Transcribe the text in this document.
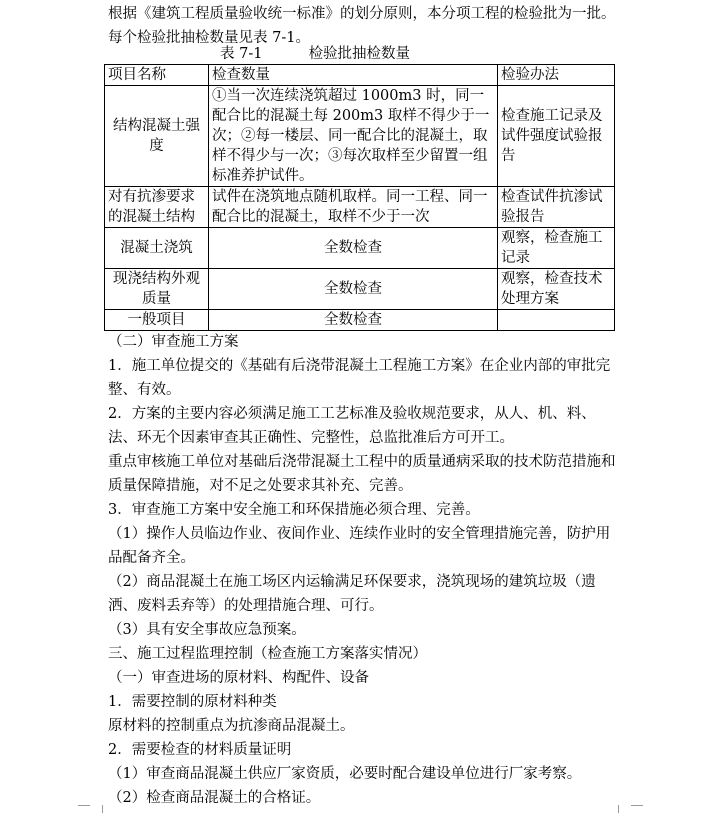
根据《建筑工程质量验收统一标准》的划分原则，本分项工程的检验批为一批。
每个检验批抽检数量见表 7-1。

表 7-1	检验批抽检数量
项目名称	检查数量	检验办法
结构混凝土强度	①当一次连续浇筑超过 1000m3 时，同一配合比的混凝土每 200m3 取样不得少于一次；②每一楼层、同一配合比的混凝土，取样不得少与一次；③每次取样至少留置一组标准养护试件。	检查施工记录及试件强度试验报告
对有抗渗要求的混凝土结构	试件在浇筑地点随机取样。同一工程、同一配合比的混凝土，取样不少于一次	检查试件抗渗试验报告
混凝土浇筑	全数检查	观察，检查施工记录
现浇结构外观质量	全数检查	观察，检查技术处理方案
一般项目	全数检查	

（二）审查施工方案

1．施工单位提交的《基础有后浇带混凝土工程施工方案》在企业内部的审批完整、有效。

2．方案的主要内容必须满足施工工艺标准及验收规范要求，从人、机、料、法、环无个因素审查其正确性、完整性，总监批准后方可开工。

重点审核施工单位对基础后浇带混凝土工程中的质量通病采取的技术防范措施和质量保障措施，对不足之处要求其补充、完善。

3．审查施工方案中安全施工和环保措施必须合理、完善。

（1）操作人员临边作业、夜间作业、连续作业时的安全管理措施完善，防护用品配备齐全。

（2）商品混凝土在施工场区内运输满足环保要求，浇筑现场的建筑垃圾（遗洒、废料丢弃等）的处理措施合理、可行。

（3）具有安全事故应急预案。

三、施工过程监理控制（检查施工方案落实情况）

（一）审查进场的原材料、构配件、设备

1．需要控制的原材料种类

原材料的控制重点为抗渗商品混凝土。

2．需要检查的材料质量证明

（1）审查商品混凝土供应厂家资质，必要时配合建设单位进行厂家考察。

（2）检查商品混凝土的合格证。
